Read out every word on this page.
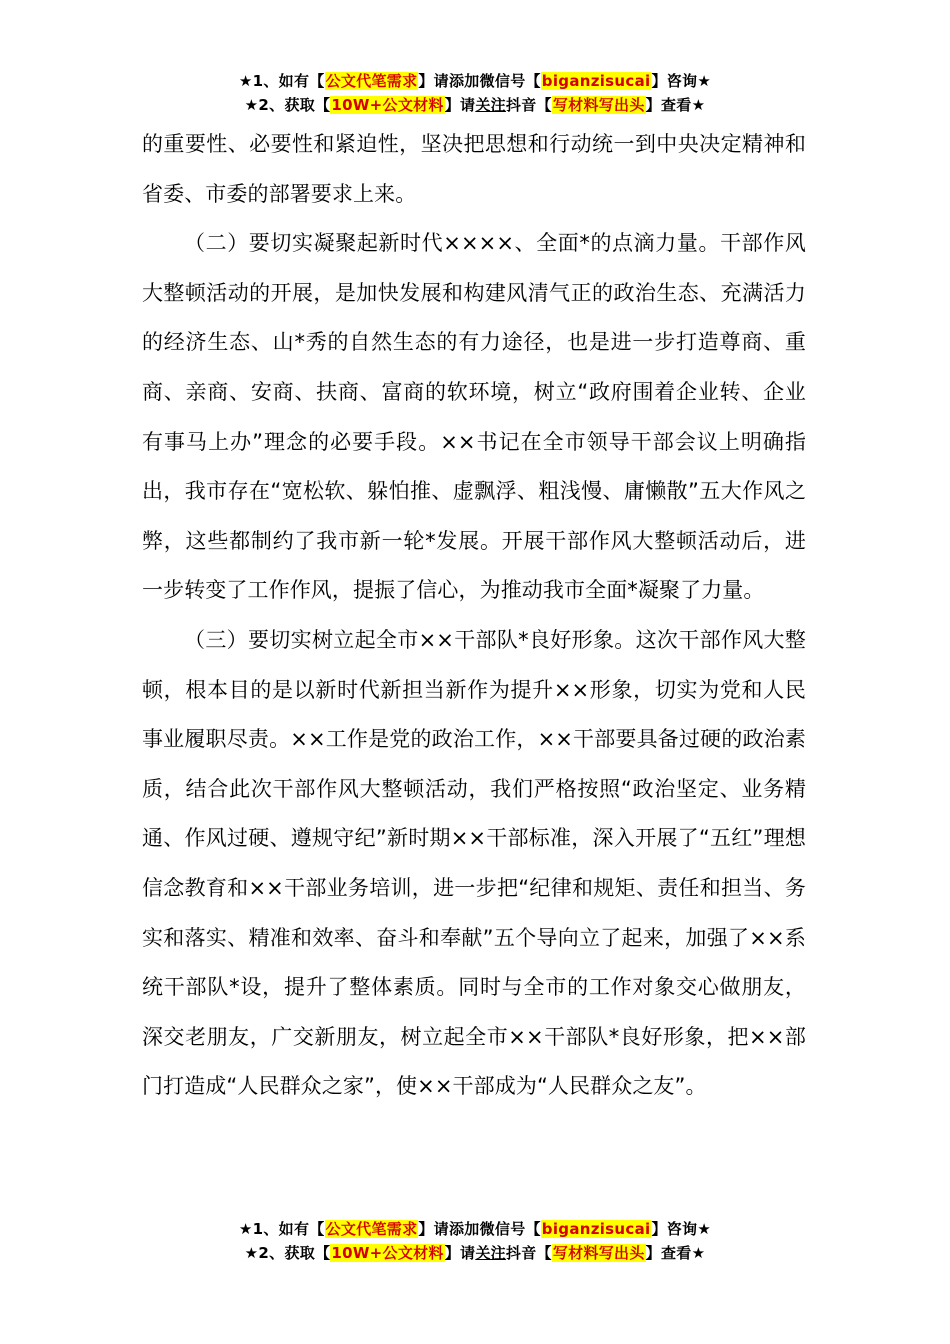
★1、如有【公文代笔需求】请添加微信号【biganzisucai】咨询★
★2、获取【10W+公文材料】请关注抖音【写材料写出头】查看★

的重要性、必要性和紧迫性，坚决把思想和行动统一到中央决定精神和省委、市委的部署要求上来。

（二）要切实凝聚起新时代××××、全面*的点滴力量。干部作风大整顿活动的开展，是加快发展和构建风清气正的政治生态、充满活力的经济生态、山*秀的自然生态的有力途径，也是进一步打造尊商、重商、亲商、安商、扶商、富商的软环境，树立“政府围着企业转、企业有事马上办”理念的必要手段。××书记在全市领导干部会议上明确指出，我市存在“宽松软、躲怕推、虚飘浮、粗浅慢、庸懒散”五大作风之弊，这些都制约了我市新一轮*发展。开展干部作风大整顿活动后，进一步转变了工作作风，提振了信心，为推动我市全面*凝聚了力量。

（三）要切实树立起全市××干部队*良好形象。这次干部作风大整顿，根本目的是以新时代新担当新作为提升××形象，切实为党和人民事业履职尽责。××工作是党的政治工作，××干部要具备过硬的政治素质，结合此次干部作风大整顿活动，我们严格按照“政治坚定、业务精通、作风过硬、遵规守纪”新时期××干部标准，深入开展了“五红”理想信念教育和××干部业务培训，进一步把“纪律和规矩、责任和担当、务实和落实、精准和效率、奋斗和奉献”五个导向立了起来，加强了××系统干部队*设，提升了整体素质。同时与全市的工作对象交心做朋友，深交老朋友，广交新朋友，树立起全市××干部队*良好形象，把××部门打造成“人民群众之家”，使××干部成为“人民群众之友”。

★1、如有【公文代笔需求】请添加微信号【biganzisucai】咨询★
★2、获取【10W+公文材料】请关注抖音【写材料写出头】查看★
